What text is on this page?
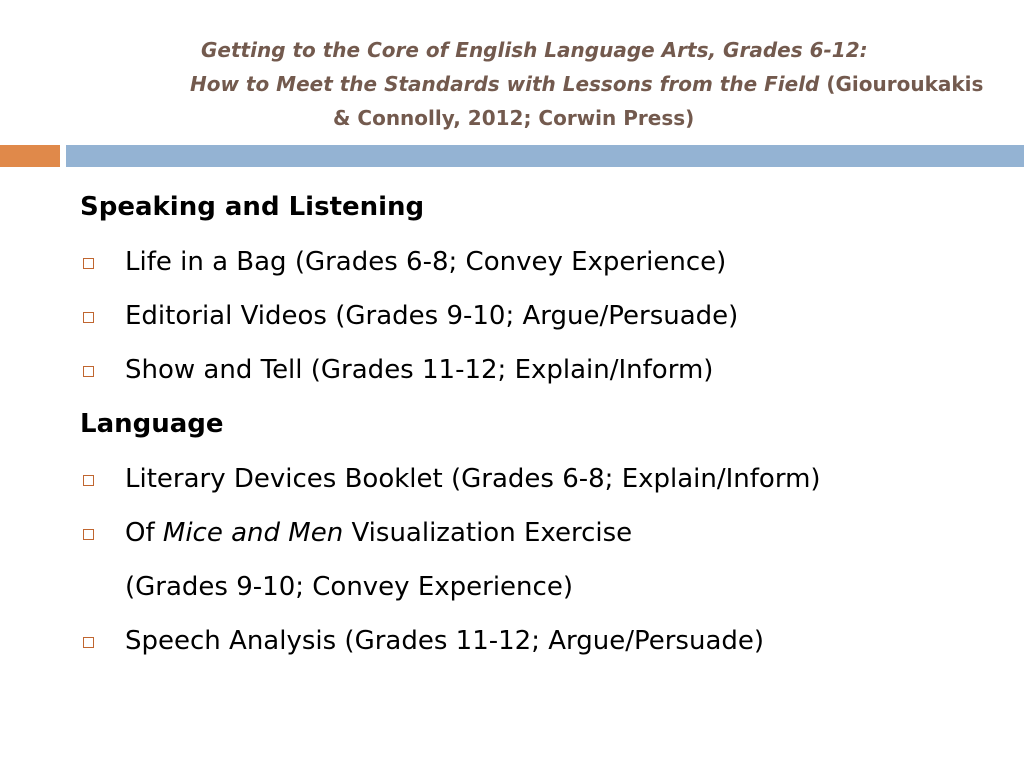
Getting to the Core of English Language Arts, Grades 6-12:
How to Meet the Standards with Lessons from the Field (Giouroukakis
& Connolly, 2012; Corwin Press)
Speaking and Listening
Life in a Bag (Grades 6-8; Convey Experience)
Editorial Videos (Grades 9-10; Argue/Persuade)
Show and Tell (Grades 11-12; Explain/Inform)
Language
Literary Devices Booklet (Grades 6-8; Explain/Inform)
Of Mice and Men Visualization Exercise
(Grades 9-10; Convey Experience)
Speech Analysis (Grades 11-12; Argue/Persuade)
